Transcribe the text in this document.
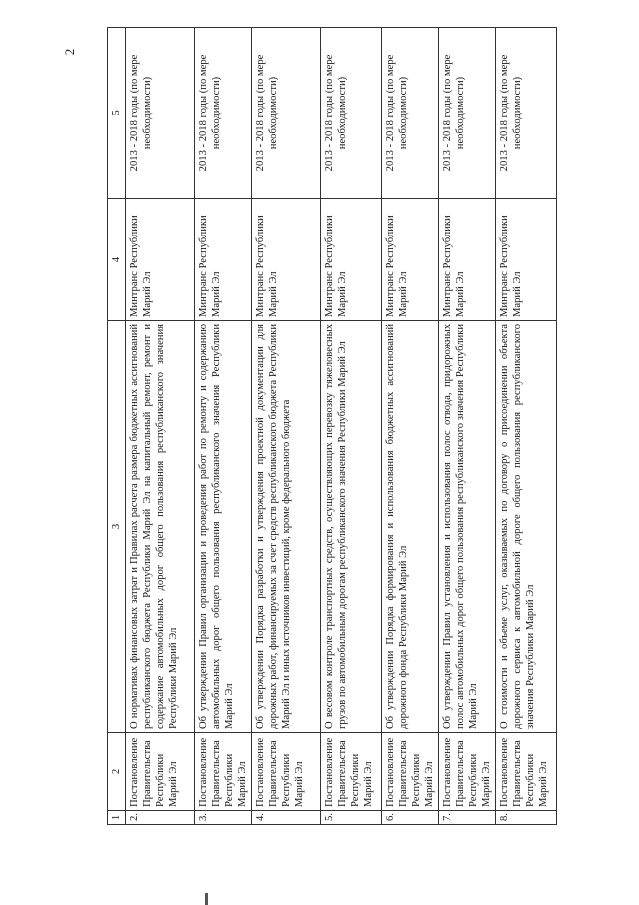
2
1	2	3	4	5
2.	Постановление Правительства Республики Марий Эл	О нормативах финансовых затрат и Правилах расчета размера бюджетных ассигнований республиканского бюджета Республики Марий Эл на капитальный ремонт, ремонт и содержание автомобильных дорог общего пользования республиканского значения Республики Марий Эл	Минтранс Республики Марий Эл	2013 - 2018 годы (по мере необходимости)
3.	Постановление Правительства Республики Марий Эл	Об утверждении Правил организации и проведения работ по ремонту и содержанию автомобильных дорог общего пользования республиканского значения Республики Марий Эл	Минтранс Республики Марий Эл	2013 - 2018 годы (по мере необходимости)
4.	Постановление Правительства Республики Марий Эл	Об утверждении Порядка разработки и утверждения проектной документации для дорожных работ, финансируемых за счет средств республиканского бюджета Республики Марий Эл и иных источников инвестиций, кроме федерального бюджета	Минтранс Республики Марий Эл	2013 - 2018 годы (по мере необходимости)
5.	Постановление Правительства Республики Марий Эл	О весовом контроле транспортных средств, осуществляющих перевозку тяжеловесных грузов по автомобильным дорогам республиканского значения Республики Марий Эл	Минтранс Республики Марий Эл	2013 - 2018 годы (по мере необходимости)
6.	Постановление Правительства Республики Марий Эл	Об утверждении Порядка формирования и использования бюджетных ассигнований дорожного фонда Республики Марий Эл	Минтранс Республики Марий Эл	2013 - 2018 годы (по мере необходимости)
7.	Постановление Правительства Республики Марий Эл	Об утверждении Правил установления и использования полос отвода, придорожных полос автомобильных дорог общего пользования республиканского значения Республики Марий Эл	Минтранс Республики Марий Эл	2013 - 2018 годы (по мере необходимости)
8.	Постановление Правительства Республики Марий Эл	О стоимости и объеме услуг, оказываемых по договору о присоединении объекта дорожного сервиса к автомобильной дороге общего пользования республиканского значения Республики Марий Эл	Минтранс Республики Марий Эл	2013 - 2018 годы (по мере необходимости)
